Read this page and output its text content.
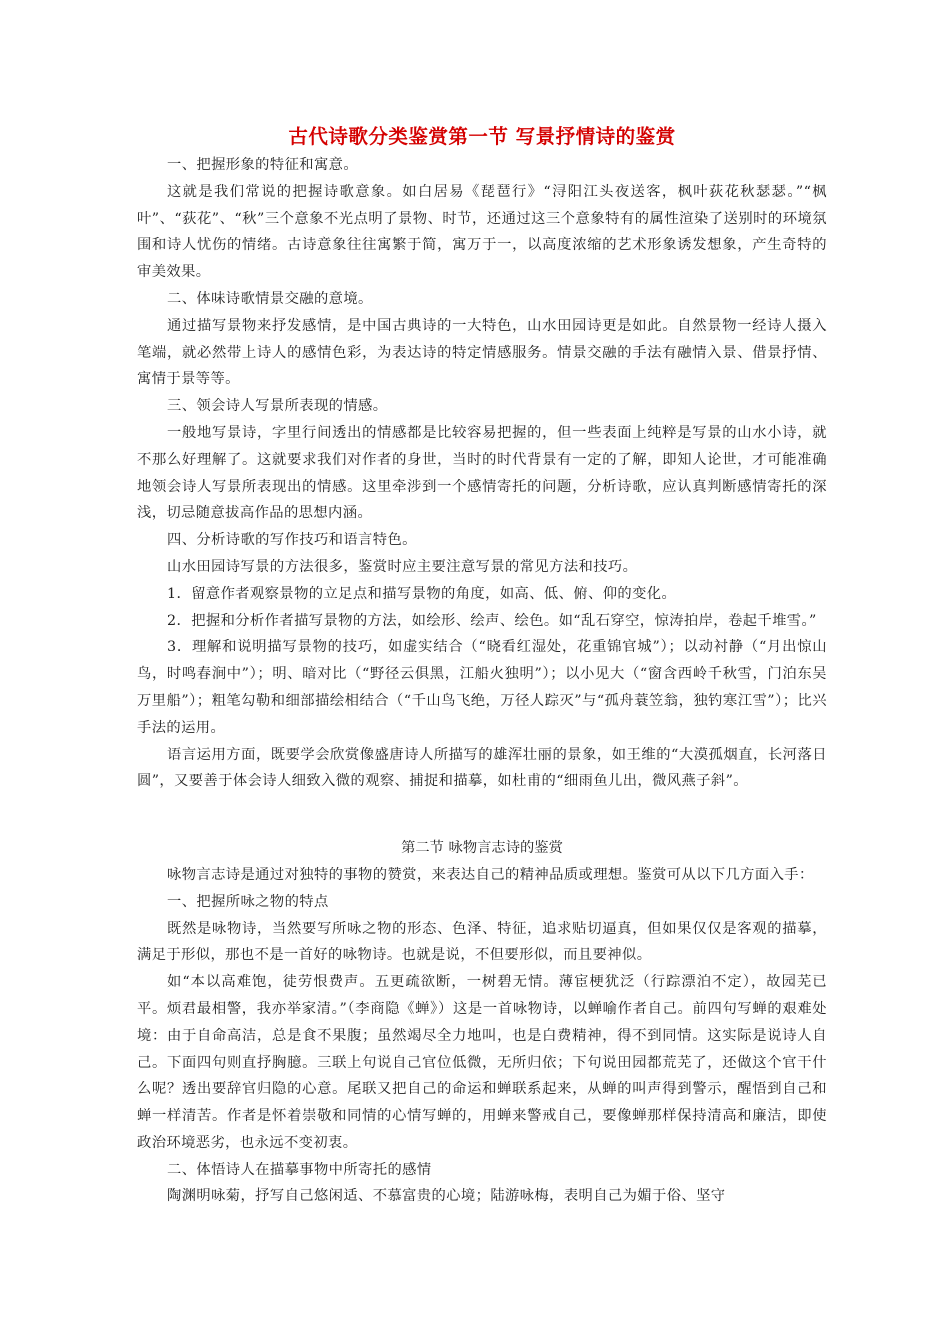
古代诗歌分类鉴赏第一节 写景抒情诗的鉴赏

一、把握形象的特征和寓意。

这就是我们常说的把握诗歌意象。如白居易《琵琶行》“浔阳江头夜送客，枫叶荻花秋瑟瑟。”“枫叶”、“荻花”、“秋”三个意象不光点明了景物、时节，还通过这三个意象特有的属性渲染了送别时的环境氛围和诗人忧伤的情绪。古诗意象往往寓繁于简，寓万于一，以高度浓缩的艺术形象诱发想象，产生奇特的审美效果。

二、体味诗歌情景交融的意境。

通过描写景物来抒发感情，是中国古典诗的一大特色，山水田园诗更是如此。自然景物一经诗人摄入笔端，就必然带上诗人的感情色彩，为表达诗的特定情感服务。情景交融的手法有融情入景、借景抒情、寓情于景等等。

三、领会诗人写景所表现的情感。

一般地写景诗，字里行间透出的情感都是比较容易把握的，但一些表面上纯粹是写景的山水小诗，就不那么好理解了。这就要求我们对作者的身世，当时的时代背景有一定的了解，即知人论世，才可能准确地领会诗人写景所表现出的情感。这里牵涉到一个感情寄托的问题，分析诗歌，应认真判断感情寄托的深浅，切忌随意拔高作品的思想内涵。

四、分析诗歌的写作技巧和语言特色。

山水田园诗写景的方法很多，鉴赏时应主要注意写景的常见方法和技巧。

1．留意作者观察景物的立足点和描写景物的角度，如高、低、俯、仰的变化。

2．把握和分析作者描写景物的方法，如绘形、绘声、绘色。如“乱石穿空，惊涛拍岸，卷起千堆雪。”

3．理解和说明描写景物的技巧，如虚实结合（“晓看红湿处，花重锦官城”）；以动衬静（“月出惊山鸟，时鸣春涧中”）；明、暗对比（“野径云俱黑，江船火独明”）；以小见大（“窗含西岭千秋雪，门泊东吴万里船”）；粗笔勾勒和细部描绘相结合（“千山鸟飞绝，万径人踪灭”与“孤舟蓑笠翁，独钓寒江雪”）；比兴手法的运用。

语言运用方面，既要学会欣赏像盛唐诗人所描写的雄浑壮丽的景象，如王维的“大漠孤烟直，长河落日圆”，又要善于体会诗人细致入微的观察、捕捉和描摹，如杜甫的“细雨鱼儿出，微风燕子斜”。

第二节 咏物言志诗的鉴赏

咏物言志诗是通过对独特的事物的赞赏，来表达自己的精神品质或理想。鉴赏可从以下几方面入手：

一、把握所咏之物的特点

既然是咏物诗，当然要写所咏之物的形态、色泽、特征，追求贴切逼真，但如果仅仅是客观的描摹，满足于形似，那也不是一首好的咏物诗。也就是说，不但要形似，而且要神似。

如“本以高难饱，徒劳恨费声。五更疏欲断，一树碧无情。薄宦梗犹泛（行踪漂泊不定），故园芜已平。烦君最相警，我亦举家清。”（李商隐《蝉》）这是一首咏物诗，以蝉喻作者自己。前四句写蝉的艰难处境：由于自命高洁，总是食不果腹；虽然竭尽全力地叫，也是白费精神，得不到同情。这实际是说诗人自己。下面四句则直抒胸臆。三联上句说自己官位低微，无所归依；下句说田园都荒芜了，还做这个官干什么呢？透出要辞官归隐的心意。尾联又把自己的命运和蝉联系起来，从蝉的叫声得到警示，醒悟到自己和蝉一样清苦。作者是怀着崇敬和同情的心情写蝉的，用蝉来警戒自己，要像蝉那样保持清高和廉洁，即使政治环境恶劣，也永远不变初衷。

二、体悟诗人在描摹事物中所寄托的感情

陶渊明咏菊，抒写自己悠闲适、不慕富贵的心境；陆游咏梅，表明自己为媚于俗、坚守
